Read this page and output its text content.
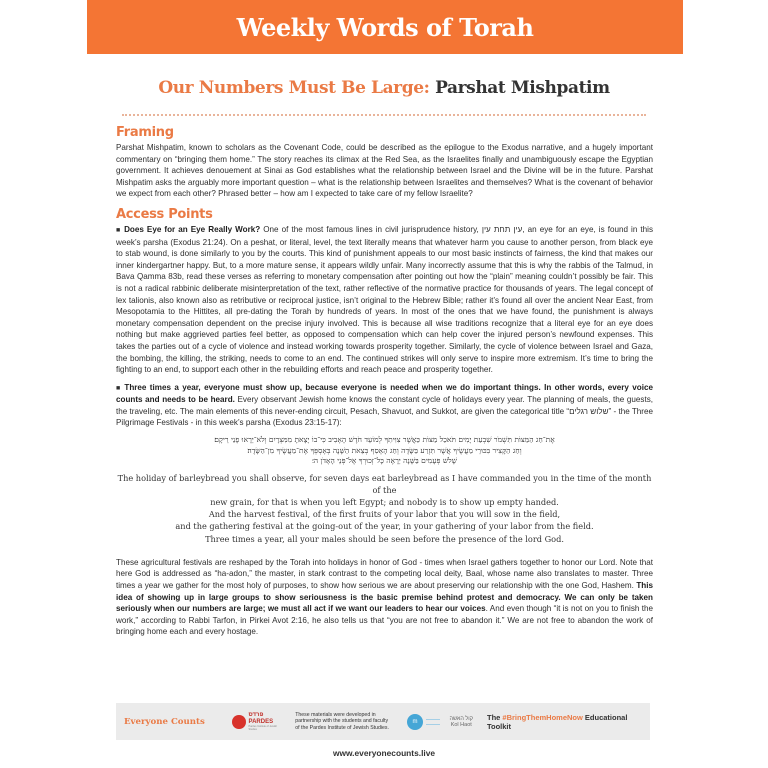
Weekly Words of Torah
Our Numbers Must Be Large: Parshat Mishpatim
Framing

Parshat Mishpatim, known to scholars as the Covenant Code, could be described as the epilogue to the Exodus narrative, and a hugely important commentary on “bringing them home.” The story reaches its climax at the Red Sea, as the Israelites finally and unambiguously escape the Egyptian government. It achieves denouement at Sinai as God establishes what the relationship between Israel and the Divine will be in the future. Parshat Mishpatim asks the arguably more important question – what is the relationship between Israelites and themselves? What is the covenant of behavior we expect from each other? Phrased better – how am I expected to take care of my fellow Israelite?

Access Points

■ Does Eye for an Eye Really Work? One of the most famous lines in civil jurisprudence history, עין תחת עין, an eye for an eye, is found in this week’s parsha (Exodus 21:24). On a peshat, or literal, level, the text literally means that whatever harm you cause to another person, from black eye to stab wound, is done similarly to you by the courts. This kind of punishment appeals to our most basic instincts of fairness, the kind that makes our inner kindergartner happy. But, to a more mature sense, it appears wildly unfair. Many incorrectly assume that this is why the rabbis of the Talmud, in Bava Qamma 83b, read these verses as referring to monetary compensation after pointing out how the “plain” meaning couldn’t possibly be fair. This is not a radical rabbinic deliberate misinterpretation of the text, rather reflective of the normative practice for thousands of years. The legal concept of lex talionis, also known also as retributive or reciprocal justice, isn’t original to the Hebrew Bible; rather it’s found all over the ancient Near East, from Mesopotamia to the Hittites, all pre-dating the Torah by hundreds of years. In most of the ones that we have found, the punishment is always monetary compensation dependent on the precise injury involved. This is because all wise traditions recognize that a literal eye for an eye does nothing but make aggrieved parties feel better, as opposed to compensation which can help cover the injured person’s newfound expenses. This takes the parties out of a cycle of violence and instead working towards prosperity together. Similarly, the cycle of violence between Israel and Gaza, the bombing, the killing, the striking, needs to come to an end. The continued strikes will only serve to inspire more extremism. It’s time to bring the fighting to an end, to support each other in the rebuilding efforts and reach peace and prosperity together.

■ Three times a year, everyone must show up, because everyone is needed when we do important things. In other words, every voice counts and needs to be heard. Every observant Jewish home knows the constant cycle of holidays every year. The planning of meals, the guests, the traveling, etc. The main elements of this never-ending circuit, Pesach, Shavuot, and Sukkot, are given the categorical title “שלוש רגלים” - the Three Pilgrimage Festivals - in this week’s parsha (Exodus 23:15-17):

אֶת־חַג הַמַּצּוֹת תִּשְׁמֹר שִׁבְעַת יָמִים תֹּאכַל מַצּוֹת כַּאֲשֶׁר צִוִּיתִךָ לְמוֹעֵד חֹדֶשׁ הָאָבִיב כִּי־בוֹ יָצָאתָ מִמִּצְרָיִם וְלֹא־יֵרָאוּ פָנַי רֵיקָם׃
וְחַג הַקָּצִיר בִּכּוּרֵי מַעֲשֶׂיךָ אֲשֶׁר תִּזְרַע בַּשָּׂדֶה וְחַג הָאָסִף בְּצֵאת הַשָּׁנָה בְּאָסְפְּךָ אֶת־מַעֲשֶׂיךָ מִן־הַשָּׂדֶה׃
שָׁלֹשׁ פְּעָמִים בַּשָּׁנָה יֵרָאֶה כָּל־זְכוּרְךָ אֶל־פְּנֵי הָאָדֹן ה׳׃
The holiday of barleybread you shall observe, for seven days eat barleybread as I have commanded you in the time of the month of the
new grain, for that is when you left Egypt; and nobody is to show up empty handed.
And the harvest festival, of the first fruits of your labor that you will sow in the field,
and the gathering festival at the going-out of the year, in your gathering of your labor from the field.
Three times a year, all your males should be seen before the presence of the lord God.

These agricultural festivals are reshaped by the Torah into holidays in honor of God - times when Israel gathers together to honor our Lord. Note that here God is addressed as “ha-adon,” the master, in stark contrast to the competing local deity, Baal, whose name also translates to master. Three times a year we gather for the most holy of purposes, to show how serious we are about preserving our relationship with the one God, Hashem. This idea of showing up in large groups to show seriousness is the basic premise behind protest and democracy. We can only be taken seriously when our numbers are large; we must all act if we want our leaders to hear our voices. And even though “it is not on you to finish the work,” according to Rabbi Tarfon, in Pirkei Avot 2:16, he also tells us that “you are not free to abandon it.” We are not free to abandon the work of bringing home each and every hostage.

Everyone Counts
פרדס
PARDES
Pardes Institute of Jewish Studies
These materials were developed in partnership with the students and faculty of the Pardes Institute of Jewish Studies.
m	קול האשה
Kol Haot
The #BringThemHomeNow Educational Toolkit
www.everyonecounts.live
